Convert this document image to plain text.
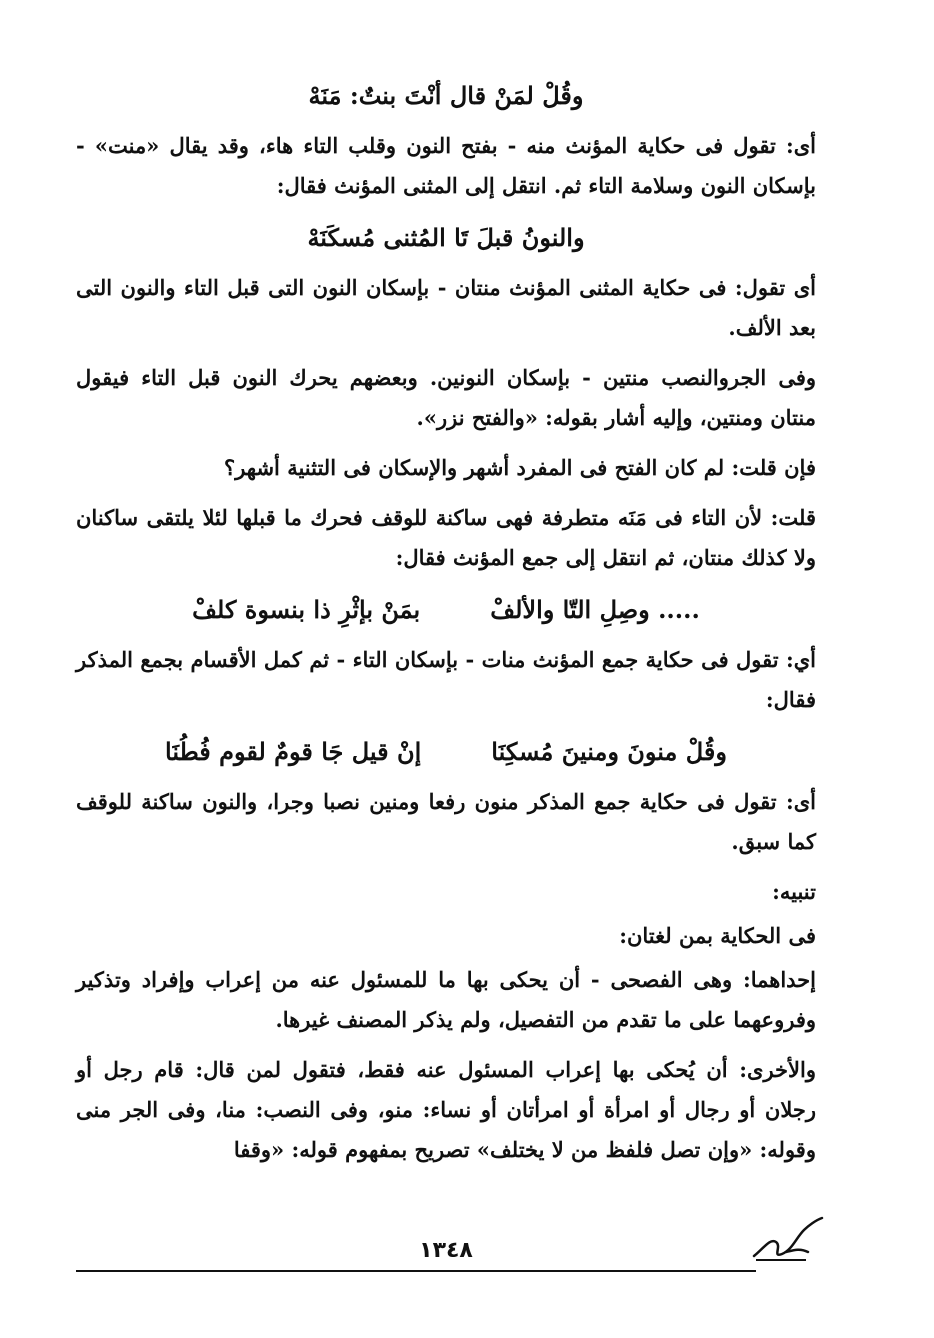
وقُلْ لمَنْ قال أنْتَ بنتٌ: مَنَهْ

أى: تقول فى حكاية المؤنث منه - بفتح النون وقلب التاء هاء، وقد يقال «منت» - بإسكان النون وسلامة التاء ثم. انتقل إلى المثنى المؤنث فقال:

والنونُ قبلَ تَا المُثنى مُسكَنَهْ

أى تقول: فى حكاية المثنى المؤنث منتان - بإسكان النون التى قبل التاء والنون التى بعد الألف.

وفى الجروالنصب منتين - بإسكان النونين. وبعضهم يحرك النون قبل التاء فيقول منتان ومنتين، وإليه أشار بقوله: «والفتح نزر».

فإن قلت: لم كان الفتح فى المفرد أشهر والإسكان فى التثنية أشهر؟

قلت: لأن التاء فى مَنَه متطرفة فهى ساكنة للوقف فحرك ما قبلها لئلا يلتقى ساكنان ولا كذلك منتان، ثم انتقل إلى جمع المؤنث فقال:

..... وصِلِ التّا والألفْ
بمَنْ بإثْرِ ذا بنسوة كلفْ

أي: تقول فى حكاية جمع المؤنث منات - بإسكان التاء - ثم كمل الأقسام بجمع المذكر فقال:

وقُلْ منونَ ومنينَ مُسكِنَا
إنْ قيل جَا قومٌ لقوم فُطُنَا

أى: تقول فى حكاية جمع المذكر منون رفعا ومنين نصبا وجرا، والنون ساكنة للوقف كما سبق.

تنبيه:

فى الحكاية بمن لغتان:

إحداهما: وهى الفصحى - أن يحكى بها ما للمسئول عنه من إعراب وإفراد وتذكير وفروعهما على ما تقدم من التفصيل، ولم يذكر المصنف غيرها.

والأخرى: أن يُحكى بها إعراب المسئول عنه فقط، فتقول لمن قال: قام رجل أو رجلان أو رجال أو امرأة أو امرأتان أو نساء: منو، وفى النصب: منا، وفى الجر منى وقوله: «وإن تصل فلفظ من لا يختلف» تصريح بمفهوم قوله: «وقفا

١٣٤٨
